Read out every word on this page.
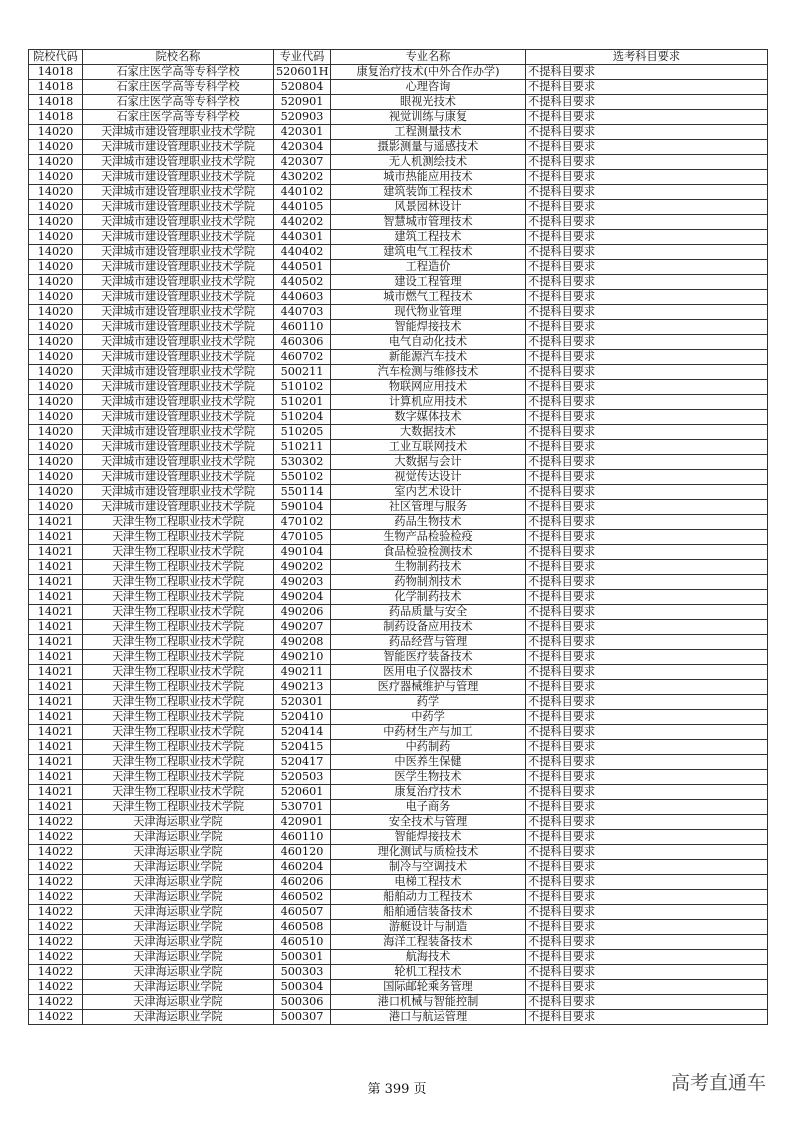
院校代码	院校名称	专业代码	专业名称	选考科目要求
14018	石家庄医学高等专科学校	520601H	康复治疗技术(中外合作办学)	不提科目要求
14018	石家庄医学高等专科学校	520804	心理咨询	不提科目要求
14018	石家庄医学高等专科学校	520901	眼视光技术	不提科目要求
14018	石家庄医学高等专科学校	520903	视觉训练与康复	不提科目要求
14020	天津城市建设管理职业技术学院	420301	工程测量技术	不提科目要求
14020	天津城市建设管理职业技术学院	420304	摄影测量与遥感技术	不提科目要求
14020	天津城市建设管理职业技术学院	420307	无人机测绘技术	不提科目要求
14020	天津城市建设管理职业技术学院	430202	城市热能应用技术	不提科目要求
14020	天津城市建设管理职业技术学院	440102	建筑装饰工程技术	不提科目要求
14020	天津城市建设管理职业技术学院	440105	风景园林设计	不提科目要求
14020	天津城市建设管理职业技术学院	440202	智慧城市管理技术	不提科目要求
14020	天津城市建设管理职业技术学院	440301	建筑工程技术	不提科目要求
14020	天津城市建设管理职业技术学院	440402	建筑电气工程技术	不提科目要求
14020	天津城市建设管理职业技术学院	440501	工程造价	不提科目要求
14020	天津城市建设管理职业技术学院	440502	建设工程管理	不提科目要求
14020	天津城市建设管理职业技术学院	440603	城市燃气工程技术	不提科目要求
14020	天津城市建设管理职业技术学院	440703	现代物业管理	不提科目要求
14020	天津城市建设管理职业技术学院	460110	智能焊接技术	不提科目要求
14020	天津城市建设管理职业技术学院	460306	电气自动化技术	不提科目要求
14020	天津城市建设管理职业技术学院	460702	新能源汽车技术	不提科目要求
14020	天津城市建设管理职业技术学院	500211	汽车检测与维修技术	不提科目要求
14020	天津城市建设管理职业技术学院	510102	物联网应用技术	不提科目要求
14020	天津城市建设管理职业技术学院	510201	计算机应用技术	不提科目要求
14020	天津城市建设管理职业技术学院	510204	数字媒体技术	不提科目要求
14020	天津城市建设管理职业技术学院	510205	大数据技术	不提科目要求
14020	天津城市建设管理职业技术学院	510211	工业互联网技术	不提科目要求
14020	天津城市建设管理职业技术学院	530302	大数据与会计	不提科目要求
14020	天津城市建设管理职业技术学院	550102	视觉传达设计	不提科目要求
14020	天津城市建设管理职业技术学院	550114	室内艺术设计	不提科目要求
14020	天津城市建设管理职业技术学院	590104	社区管理与服务	不提科目要求
14021	天津生物工程职业技术学院	470102	药品生物技术	不提科目要求
14021	天津生物工程职业技术学院	470105	生物产品检验检疫	不提科目要求
14021	天津生物工程职业技术学院	490104	食品检验检测技术	不提科目要求
14021	天津生物工程职业技术学院	490202	生物制药技术	不提科目要求
14021	天津生物工程职业技术学院	490203	药物制剂技术	不提科目要求
14021	天津生物工程职业技术学院	490204	化学制药技术	不提科目要求
14021	天津生物工程职业技术学院	490206	药品质量与安全	不提科目要求
14021	天津生物工程职业技术学院	490207	制药设备应用技术	不提科目要求
14021	天津生物工程职业技术学院	490208	药品经营与管理	不提科目要求
14021	天津生物工程职业技术学院	490210	智能医疗装备技术	不提科目要求
14021	天津生物工程职业技术学院	490211	医用电子仪器技术	不提科目要求
14021	天津生物工程职业技术学院	490213	医疗器械维护与管理	不提科目要求
14021	天津生物工程职业技术学院	520301	药学	不提科目要求
14021	天津生物工程职业技术学院	520410	中药学	不提科目要求
14021	天津生物工程职业技术学院	520414	中药材生产与加工	不提科目要求
14021	天津生物工程职业技术学院	520415	中药制药	不提科目要求
14021	天津生物工程职业技术学院	520417	中医养生保健	不提科目要求
14021	天津生物工程职业技术学院	520503	医学生物技术	不提科目要求
14021	天津生物工程职业技术学院	520601	康复治疗技术	不提科目要求
14021	天津生物工程职业技术学院	530701	电子商务	不提科目要求
14022	天津海运职业学院	420901	安全技术与管理	不提科目要求
14022	天津海运职业学院	460110	智能焊接技术	不提科目要求
14022	天津海运职业学院	460120	理化测试与质检技术	不提科目要求
14022	天津海运职业学院	460204	制冷与空调技术	不提科目要求
14022	天津海运职业学院	460206	电梯工程技术	不提科目要求
14022	天津海运职业学院	460502	船舶动力工程技术	不提科目要求
14022	天津海运职业学院	460507	船舶通信装备技术	不提科目要求
14022	天津海运职业学院	460508	游艇设计与制造	不提科目要求
14022	天津海运职业学院	460510	海洋工程装备技术	不提科目要求
14022	天津海运职业学院	500301	航海技术	不提科目要求
14022	天津海运职业学院	500303	轮机工程技术	不提科目要求
14022	天津海运职业学院	500304	国际邮轮乘务管理	不提科目要求
14022	天津海运职业学院	500306	港口机械与智能控制	不提科目要求
14022	天津海运职业学院	500307	港口与航运管理	不提科目要求
第 399 页	高考直通车
